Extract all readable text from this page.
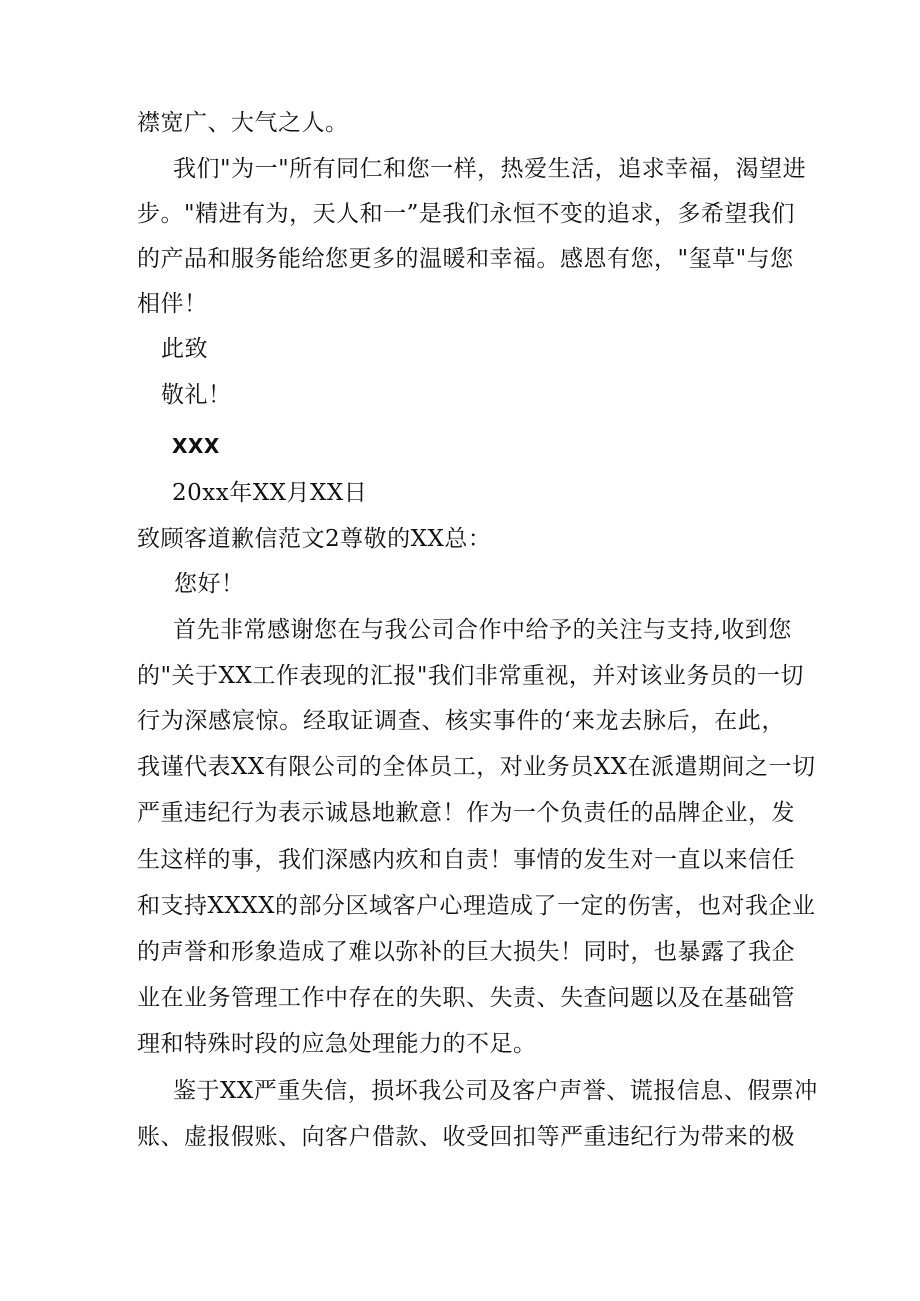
襟宽广、大气之人。
我们"为一"所有同仁和您一样，热爱生活，追求幸福，渴望进
步。"精进有为，天人和一”是我们永恒不变的追求，多希望我们
的产品和服务能给您更多的温暖和幸福。感恩有您，"玺草"与您
相伴！
此致
敬礼！
XXX
20xx年XX月XX日
致顾客道歉信范文2尊敬的XX总：
您好！
首先非常感谢您在与我公司合作中给予的关注与支持,收到您
的"关于XX工作表现的汇报"我们非常重视，并对该业务员的一切
行为深感宸惊。经取证调查、核实事件的‘来龙去脉后，在此，
我谨代表XX有限公司的全体员工，对业务员XX在派遣期间之一切
严重违纪行为表示诚恳地歉意！作为一个负责任的品牌企业，发
生这样的事，我们深感内疚和自责！事情的发生对一直以来信任
和支持XXXX的部分区域客户心理造成了一定的伤害，也对我企业
的声誉和形象造成了难以弥补的巨大损失！同时，也暴露了我企
业在业务管理工作中存在的失职、失责、失查问题以及在基础管
理和特殊时段的应急处理能力的不足。
鉴于XX严重失信，损坏我公司及客户声誉、谎报信息、假票冲
账、虚报假账、向客户借款、收受回扣等严重违纪行为带来的极
